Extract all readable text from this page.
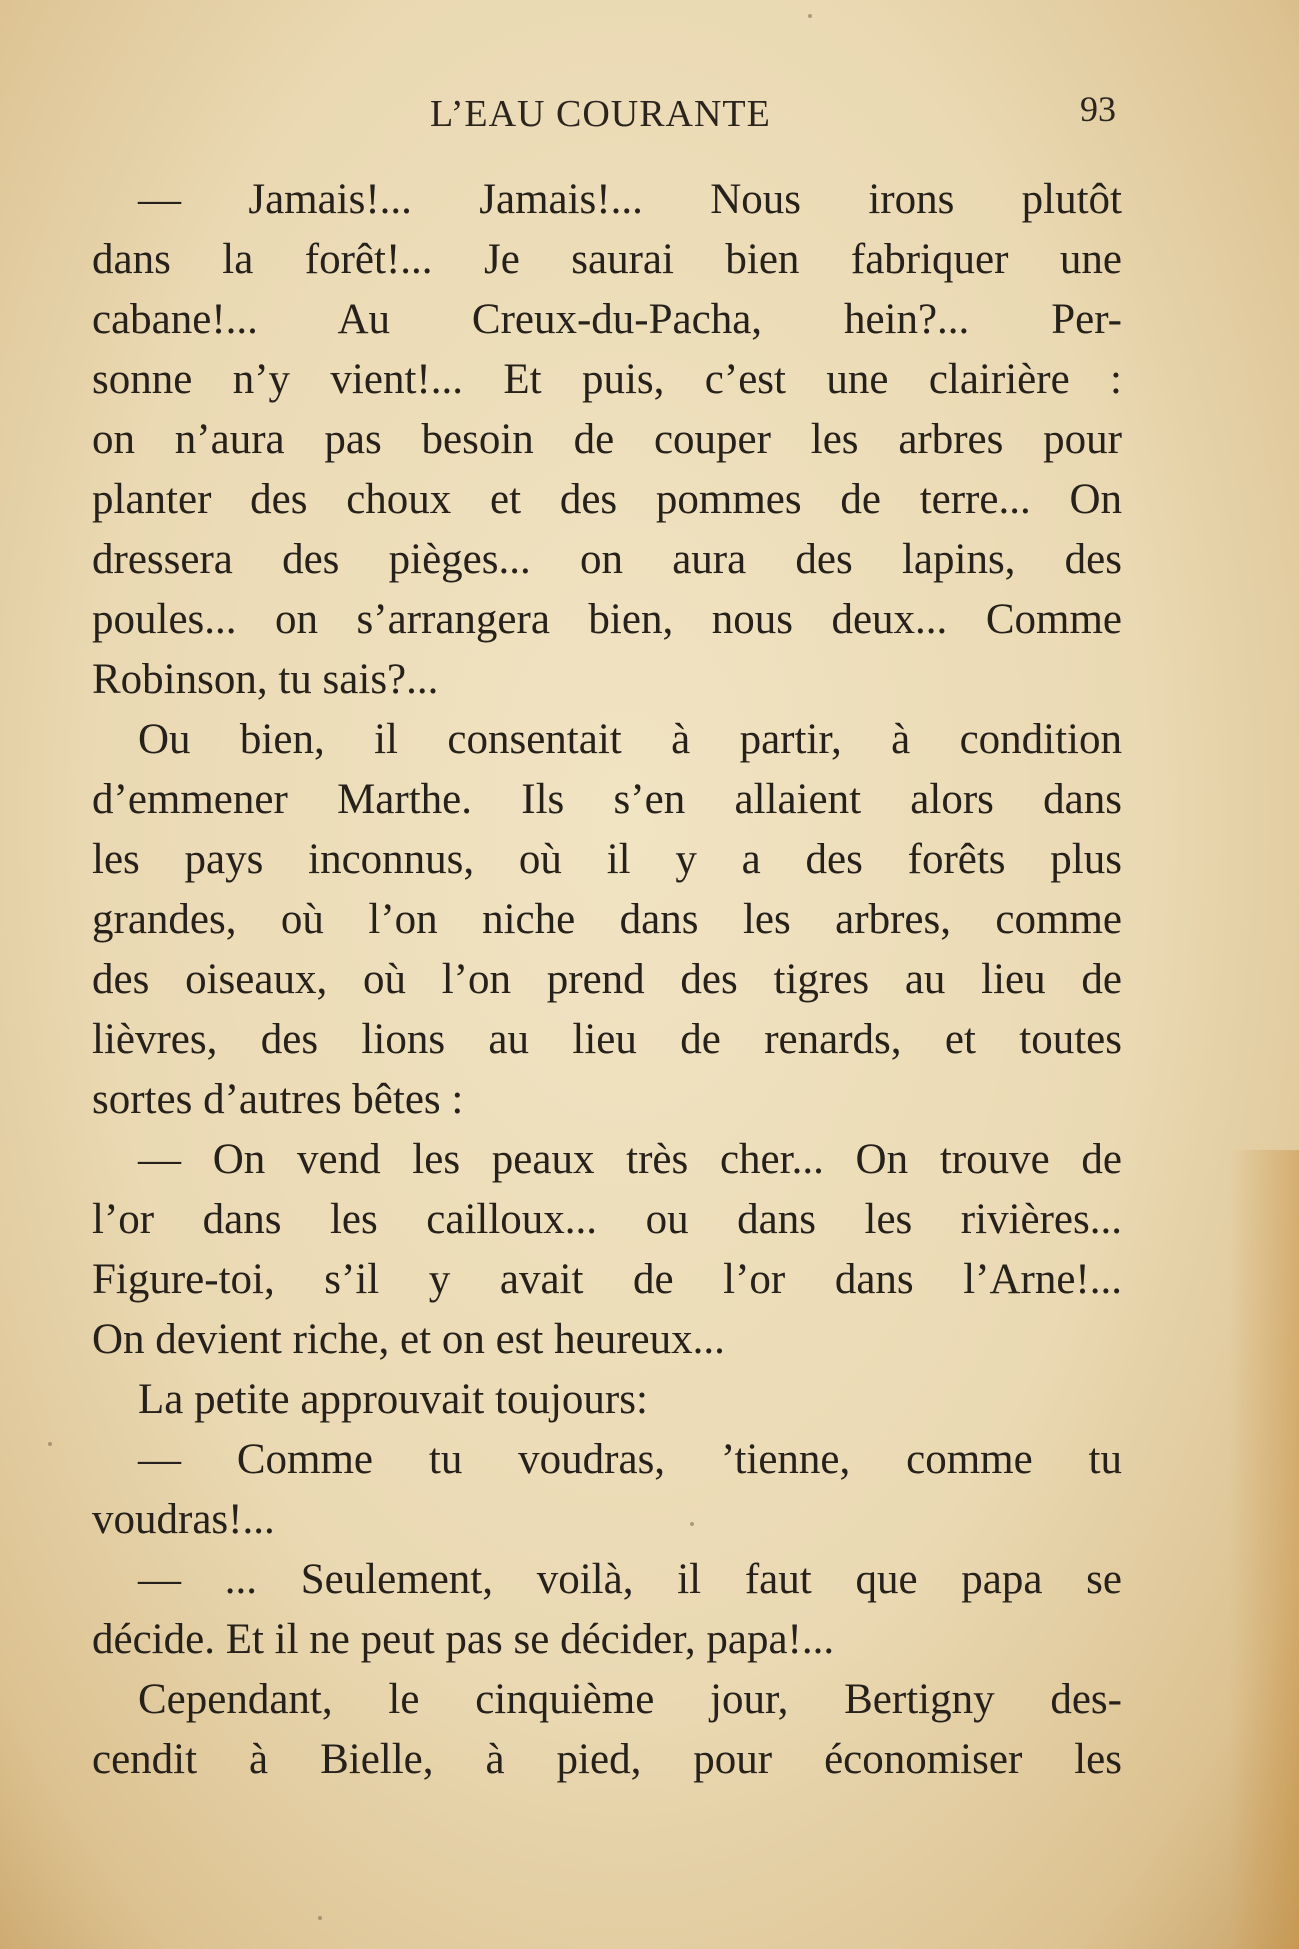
L’EAU COURANTE	93
— Jamais!... Jamais!... Nous irons plutôt
dans la forêt!... Je saurai bien fabriquer une
cabane!... Au Creux-du-Pacha, hein?... Per-
sonne n’y vient!... Et puis, c’est une clairière :
on n’aura pas besoin de couper les arbres pour
planter des choux et des pommes de terre... On
dressera des pièges... on aura des lapins, des
poules... on s’arrangera bien, nous deux... Comme
Robinson, tu sais?...
Ou bien, il consentait à partir, à condition
d’emmener Marthe. Ils s’en allaient alors dans
les pays inconnus, où il y a des forêts plus
grandes, où l’on niche dans les arbres, comme
des oiseaux, où l’on prend des tigres au lieu de
lièvres, des lions au lieu de renards, et toutes
sortes d’autres bêtes :
— On vend les peaux très cher... On trouve de
l’or dans les cailloux... ou dans les rivières...
Figure-toi, s’il y avait de l’or dans l’Arne!...
On devient riche, et on est heureux...
La petite approuvait toujours:
— Comme tu voudras, ’tienne, comme tu
voudras!...
— ... Seulement, voilà, il faut que papa se
décide. Et il ne peut pas se décider, papa!...
Cependant, le cinquième jour, Bertigny des-
cendit à Bielle, à pied, pour économiser les
